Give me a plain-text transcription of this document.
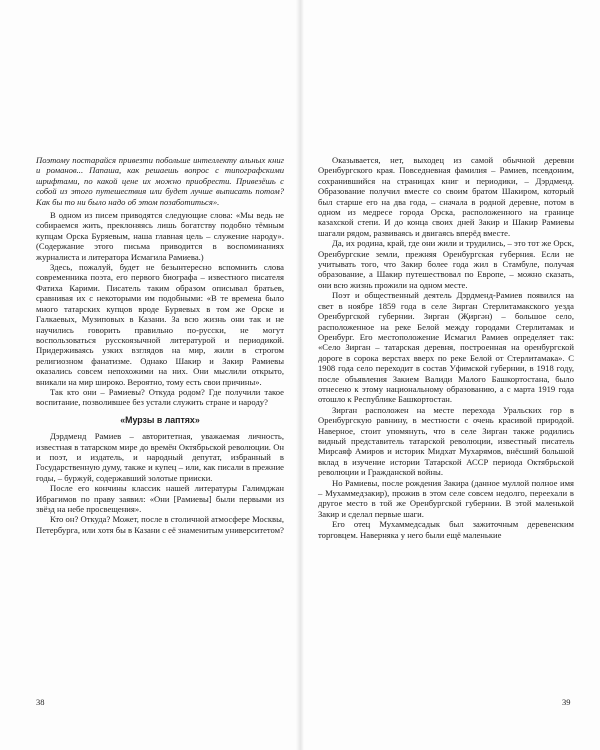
Поэтому постарайся привезти побольше интеллекту альных книг и романов... Папаша, как решаешь вопрос с типографскими шрифтами, по какой цене их можно приобрести. Привезёшь с собой из этого путешествия или будет лучше выписать потом? Как бы то ни было надо об этом позаботиться».

В одном из писем приводятся следующие слова: «Мы ведь не собираемся жить, преклоняясь лишь богатству подобно тёмным купцам Орска Буряевым, наша главная цель – служение народу». (Содержание этого письма приводится в воспоминаниях журналиста и литератора Исмагила Рамиева.)

Здесь, пожалуй, будет не безынтересно вспомнить слова современника поэта, его первого биографа – известного писателя Фатиха Карими. Писатель таким образом описывал братьев, сравнивая их с некоторыми им подобными: «В те времена было много татарских купцов вроде Буряевых в том же Орске и Галкаевых, Музиповых в Казани. За всю жизнь они так и не научились говорить правильно по-русски, не могут воспользоваться русскоязычной литературой и периодикой. Придерживаясь узких взглядов на мир, жили в строгом религиозном фанатизме. Однако Шакир и Закир Рамиевы оказались совсем непохожими на них. Они мыслили открыто, вникали на мир широко. Вероятно, тому есть свои причины».

Так кто они – Рамиевы? Откуда родом? Где получили такое воспитание, позволившее без устали служить стране и народу?

«Мурзы в лаптях»

Дэрдменд Рамиев – авторитетная, уважаемая личность, известная в татарском мире до времён Октябрьской революции. Он и поэт, и издатель, и народный депутат, избранный в Государственную думу, также и купец – или, как писали в прежние годы, – буржуй, содержавший золотые прииски.

После его кончины классик нашей литературы Галимджан Ибрагимов по праву заявил: «Они [Рамиевы] были первыми из звёзд на небе просвещения».

Кто он? Откуда? Может, после в столичной атмосфере Москвы, Петербурга, или хотя бы в Казани с её знаменитым университетом?

38

Оказывается, нет, выходец из самой обычной деревни Оренбургского края. Повседневная фамилия – Рамиев, псевдоним, сохранившийся на страницах книг и периодики, – Дэрдменд. Образование получил вместе со своим братом Шакиром, который был старше его на два года, – сначала в родной деревне, потом в одном из медресе города Орска, расположенного на границе казахской степи. И до конца своих дней Закир и Шакир Рамиевы шагали рядом, развиваясь и двигаясь вперёд вместе.

Да, их родина, край, где они жили и трудились, – это тот же Орск, Оренбургские земли, прежняя Оренбургская губерния. Если не учитывать того, что Закир более года жил в Стамбуле, получая образование, а Шакир путешествовал по Европе, – можно сказать, они всю жизнь прожили на одном месте.

Поэт и общественный деятель Дэрдменд-Рамиев появился на свет в ноябре 1859 года в селе Зирган Стерлитамакского уезда Оренбургской губернии. Зирган (Җиргән) – большое село, расположенное на реке Белой между городами Стерлитамак и Оренбург. Его местоположение Исмагил Рамиев определяет так: «Село Зирган – татарская деревня, построенная на оренбургской дороге в сорока верстах вверх по реке Белой от Стерлитамака». С 1908 года село переходит в состав Уфимской губернии, в 1918 году, после объявления Закием Валиди Малого Башкортостана, было отнесено к этому национальному образованию, а с марта 1919 года отошло к Республике Башкортостан.

Зирган расположен на месте перехода Уральских гор в Оренбургскую равнину, в местности с очень красивой природой. Наверное, стоит упомянуть, что в селе Зирган также родились видный представитель татарской революции, известный писатель Мирсаяф Амиров и историк Мидхат Мухарямов, внёсший большой вклад в изучение истории Татарской АССР периода Октябрьской революции и Гражданской войны.

Но Рамиевы, после рождения Закира (данное муллой полное имя – Мухаммедзакир), прожив в этом селе совсем недолго, переехали в другое место в той же Оренбургской губернии. В этой маленькой Закир и сделал первые шаги.

Его отец Мухаммедсадык был зажиточным деревенским торговцем. Наверняка у него были ещё маленькие

39
